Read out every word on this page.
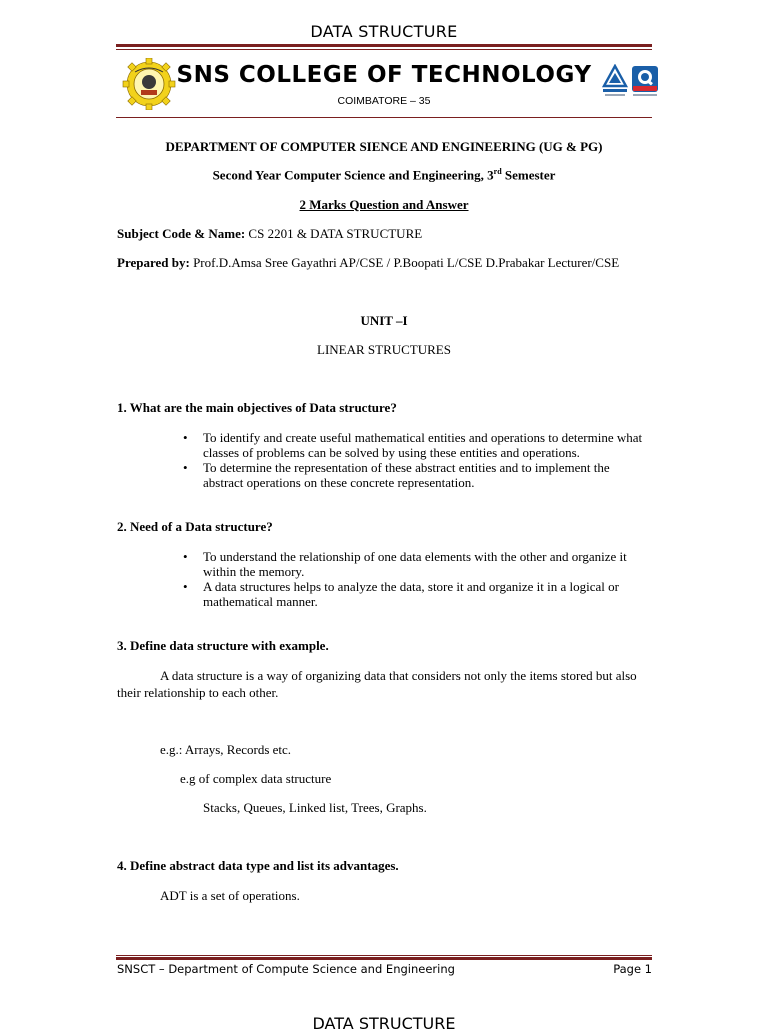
DATA STRUCTURE
SNS COLLEGE OF TECHNOLOGY
COIMBATORE – 35
DEPARTMENT OF COMPUTER SIENCE AND ENGINEERING (UG & PG)
Second Year Computer Science and Engineering, 3rd Semester
2 Marks Question and Answer
Subject Code & Name: CS 2201 & DATA STRUCTURE
Prepared by: Prof.D.Amsa Sree Gayathri AP/CSE / P.Boopati L/CSE D.Prabakar Lecturer/CSE
UNIT –I
LINEAR STRUCTURES
1. What are the main objectives of Data structure?
• To identify and create useful mathematical entities and operations to determine what classes of problems can be solved by using these entities and operations.
• To determine the representation of these abstract entities and to implement the abstract operations on these concrete representation.
2. Need of a Data structure?
• To understand the relationship of one data elements with the other and organize it within the memory.
• A data structures helps to analyze the data, store it and organize it in a logical or mathematical manner.
3. Define data structure with example.
A data structure is a way of organizing data that considers not only the items stored but also their relationship to each other.
e.g.: Arrays, Records etc.
e.g of complex data structure
Stacks, Queues, Linked list, Trees, Graphs.
4. Define abstract data type and list its advantages.
ADT is a set of operations.
SNSCT – Department of Compute Science and Engineering	Page 1
DATA STRUCTURE
